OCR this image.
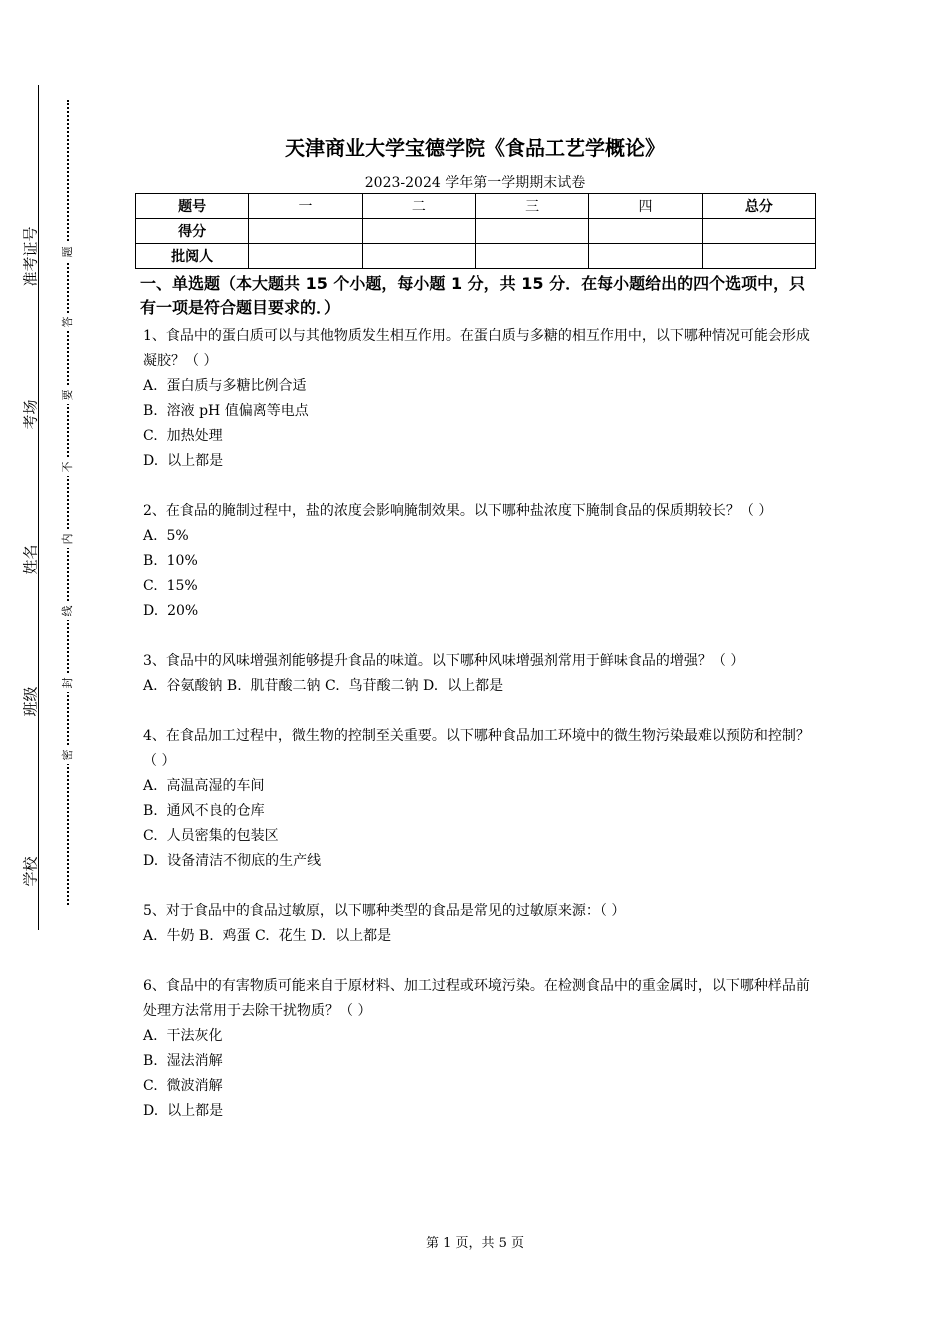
准考证号
考场
姓名
班级
学校
题
答
要
不
内
线
封
密
天津商业大学宝德学院《食品工艺学概论》
2023-2024 学年第一学期期末试卷
题号	一	二	三	四	总分
得分					
批阅人					
一、单选题（本大题共 15 个小题，每小题 1 分，共 15 分．在每小题给出的四个选项中，只有一项是符合题目要求的．）

1、食品中的蛋白质可以与其他物质发生相互作用。在蛋白质与多糖的相互作用中，以下哪种情况可能会形成凝胶？（ ）

A.  蛋白质与多糖比例合适

B.  溶液 pH 值偏离等电点

C.  加热处理

D.  以上都是

2、在食品的腌制过程中，盐的浓度会影响腌制效果。以下哪种盐浓度下腌制食品的保质期较长？（ ）

A.  5%

B.  10%

C.  15%

D.  20%

3、食品中的风味增强剂能够提升食品的味道。以下哪种风味增强剂常用于鲜味食品的增强？（ ）

A.  谷氨酸钠 B.  肌苷酸二钠 C.  鸟苷酸二钠 D.  以上都是

4、在食品加工过程中，微生物的控制至关重要。以下哪种食品加工环境中的微生物污染最难以预防和控制？（ ）

A.  高温高湿的车间

B.  通风不良的仓库

C.  人员密集的包装区

D.  设备清洁不彻底的生产线

5、对于食品中的食品过敏原，以下哪种类型的食品是常见的过敏原来源：（ ）

A.  牛奶 B.  鸡蛋 C.  花生 D.  以上都是

6、食品中的有害物质可能来自于原材料、加工过程或环境污染。在检测食品中的重金属时，以下哪种样品前处理方法常用于去除干扰物质？（ ）

A.  干法灰化

B.  湿法消解

C.  微波消解

D.  以上都是

第 1 页，共 5 页
